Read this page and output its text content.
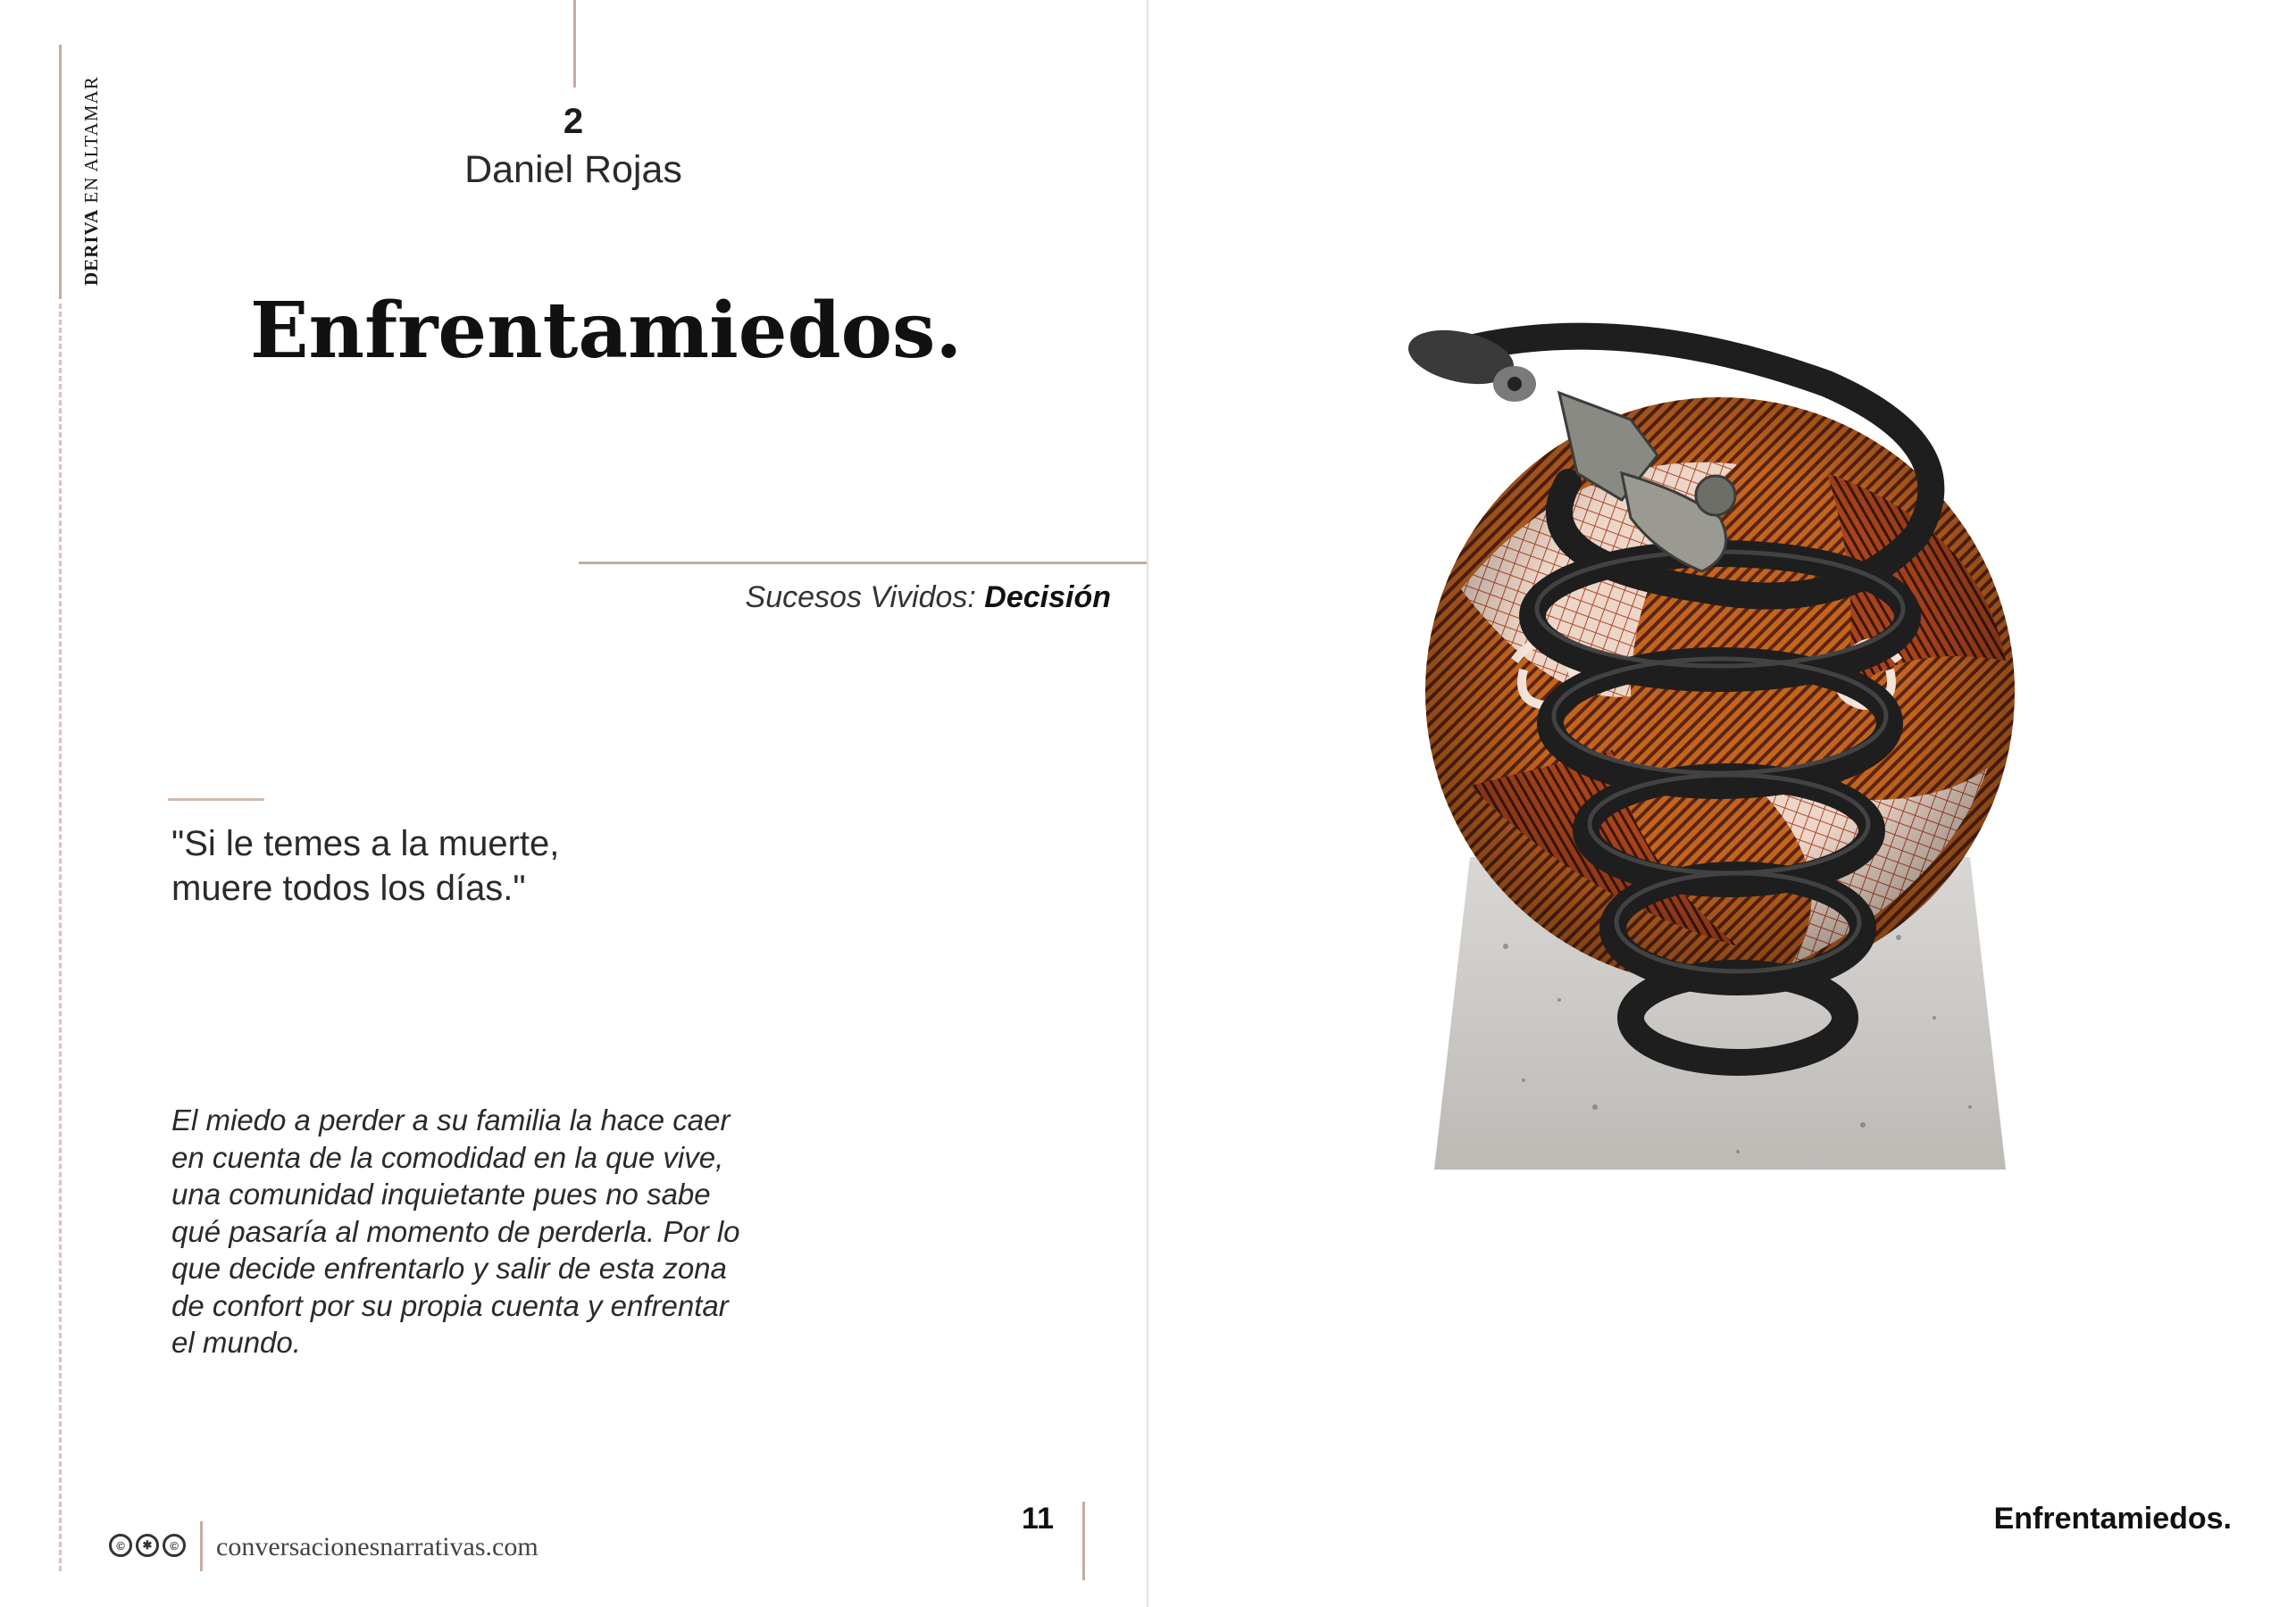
DERIVA EN ALTAMAR	2
Daniel Rojas
Enfrentamiedos.
Sucesos Vividos: Decisión
"Si le temes a la muerte,
muere todos los días."
El miedo a perder a su familia la hace caer en cuenta de la comodidad en la que vive, una comunidad inquietante pues no sabe qué pasaría al momento de perderla. Por lo que decide enfrentarlo y salir de esta zona de confort por su propia cuenta y enfrentar el mundo.
©	✱	© conversacionesnarrativas.com
11	Enfrentamiedos.
